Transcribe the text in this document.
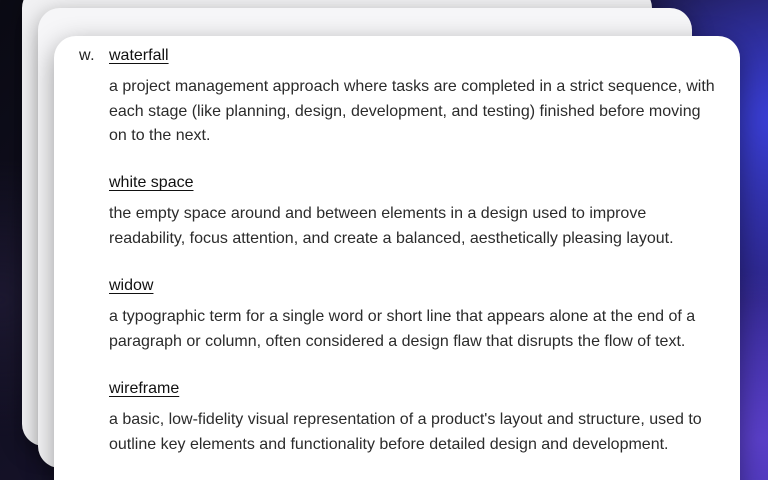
w. waterfall

a project management approach where tasks are completed in a strict sequence, with each stage (like planning, design, development, and testing) finished before moving on to the next.

white space

the empty space around and between elements in a design used to improve readability, focus attention, and create a balanced, aesthetically pleasing layout.

widow

a typographic term for a single word or short line that appears alone at the end of a paragraph or column, often considered a design flaw that disrupts the flow of text.

wireframe

a basic, low-fidelity visual representation of a product's layout and structure, used to outline key elements and functionality before detailed design and development.
